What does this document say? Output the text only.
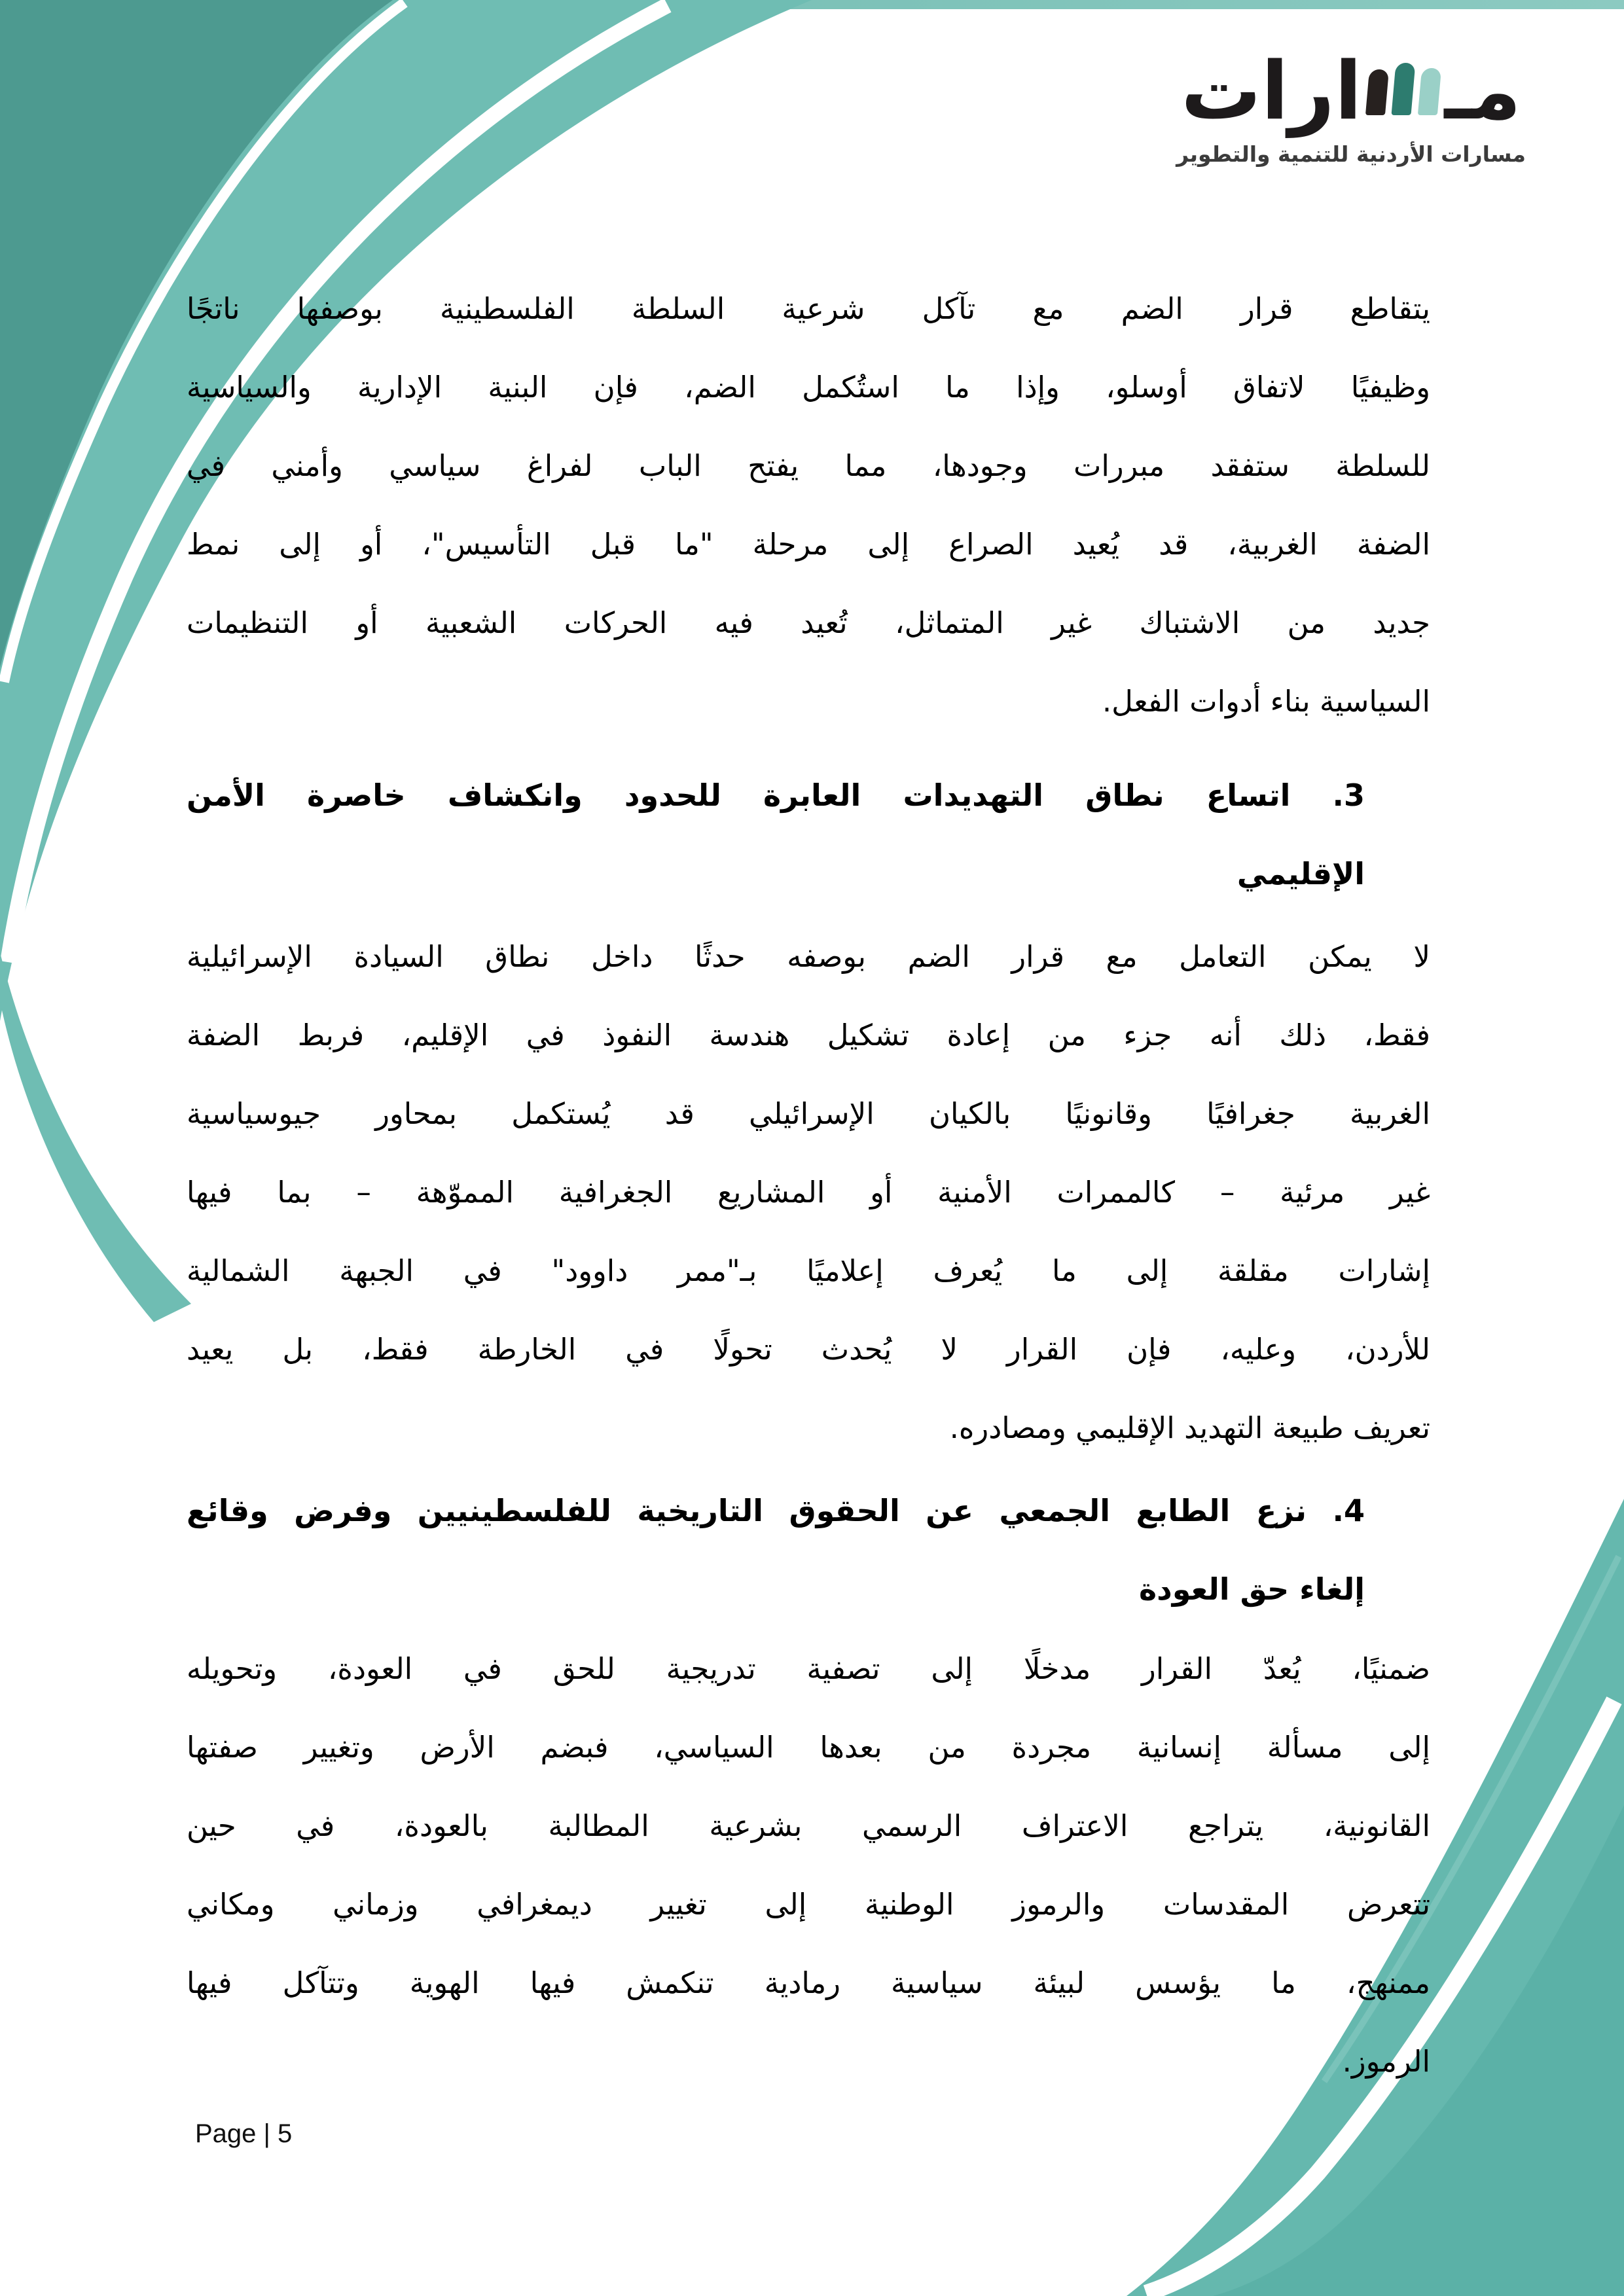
مـ
ارات
مسارات الأردنية للتنمية والتطوير
يتقاطع قرار الضم مع تآكل شرعية السلطة الفلسطينية بوصفها ناتجًا
وظيفيًا لاتفاق أوسلو، وإذا ما استُكمل الضم، فإن البنية الإدارية والسياسية
للسلطة ستفقد مبررات وجودها، مما يفتح الباب لفراغ سياسي وأمني في
الضفة الغربية، قد يُعيد الصراع إلى مرحلة "ما قبل التأسيس"، أو إلى نمط
جديد من الاشتباك غير المتماثل، تُعيد فيه الحركات الشعبية أو التنظيمات
السياسية بناء أدوات الفعل.
3. اتساع نطاق التهديدات العابرة للحدود وانكشاف خاصرة الأمن
الإقليمي
لا يمكن التعامل مع قرار الضم بوصفه حدثًا داخل نطاق السيادة الإسرائيلية
فقط، ذلك أنه جزء من إعادة تشكيل هندسة النفوذ في الإقليم، فربط الضفة
الغربية جغرافيًا وقانونيًا بالكيان الإسرائيلي قد يُستكمل بمحاور جيوسياسية
غير مرئية – كالممرات الأمنية أو المشاريع الجغرافية المموّهة – بما فيها
إشارات مقلقة إلى ما يُعرف إعلاميًا بـ"ممر داوود" في الجبهة الشمالية
للأردن، وعليه، فإن القرار لا يُحدث تحولًا في الخارطة فقط، بل يعيد
تعريف طبيعة التهديد الإقليمي ومصادره.
4. نزع الطابع الجمعي عن الحقوق التاريخية للفلسطينيين وفرض وقائع
إلغاء حق العودة
ضمنيًا، يُعدّ القرار مدخلًا إلى تصفية تدريجية للحق في العودة، وتحويله
إلى مسألة إنسانية مجردة من بعدها السياسي، فبضم الأرض وتغيير صفتها
القانونية، يتراجع الاعتراف الرسمي بشرعية المطالبة بالعودة، في حين
تتعرض المقدسات والرموز الوطنية إلى تغيير ديمغرافي وزماني ومكاني
ممنهج، ما يؤسس لبيئة سياسية رمادية تنكمش فيها الهوية وتتآكل فيها
الرموز.
Page | 5
